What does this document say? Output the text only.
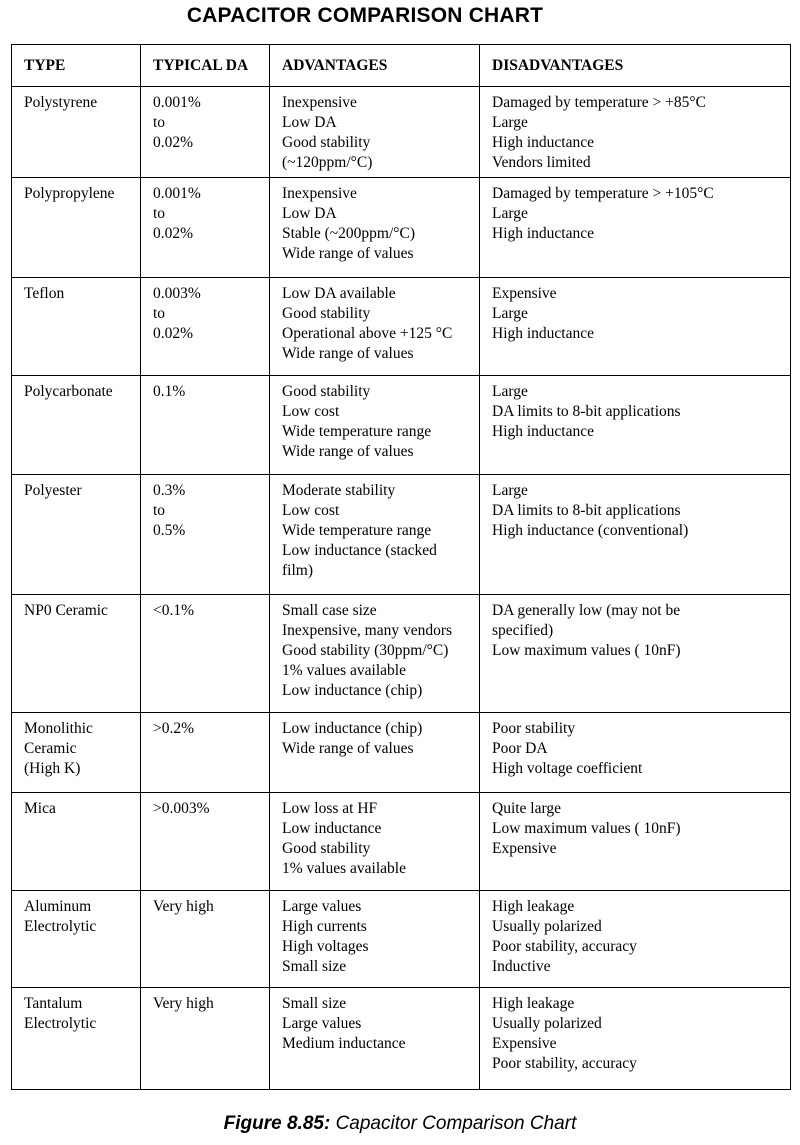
CAPACITOR COMPARISON CHART
TYPE	TYPICAL DA	ADVANTAGES	DISADVANTAGES

Polystyrene	0.001%
to
0.02%	Inexpensive
Low DA
Good stability
(~120ppm/°C)	Damaged by temperature > +85°C
Large
High inductance
Vendors limited

Polypropylene	0.001%
to
0.02%	Inexpensive
Low DA
Stable (~200ppm/°C)
Wide range of values	Damaged by temperature > +105°C
Large
High inductance

Teflon	0.003%
to
0.02%	Low DA available
Good stability
Operational above +125 °C
Wide range of values	Expensive
Large
High inductance

Polycarbonate	0.1%	Good stability
Low cost
Wide temperature range
Wide range of values	Large
DA limits to 8-bit applications
High inductance

Polyester	0.3%
to
0.5%	Moderate stability
Low cost
Wide temperature range
Low inductance (stacked
film)	Large
DA limits to 8-bit applications
High inductance (conventional)

NP0 Ceramic	<0.1%	Small case size
Inexpensive, many vendors
Good stability (30ppm/°C)
1% values available
Low inductance (chip)	DA generally low (may not be
specified)
Low maximum values ( 10nF)

Monolithic
Ceramic
(High K)	>0.2%	Low inductance (chip)
Wide range of values	Poor stability
Poor DA
High voltage coefficient

Mica	>0.003%	Low loss at HF
Low inductance
Good stability
1% values available	Quite large
Low maximum values ( 10nF)
Expensive

Aluminum
Electrolytic	Very high	Large values
High currents
High voltages
Small size	High leakage
Usually polarized
Poor stability, accuracy
Inductive

Tantalum
Electrolytic	Very high	Small size
Large values
Medium inductance	High leakage
Usually polarized
Expensive
Poor stability, accuracy
Figure 8.85: Capacitor Comparison Chart
